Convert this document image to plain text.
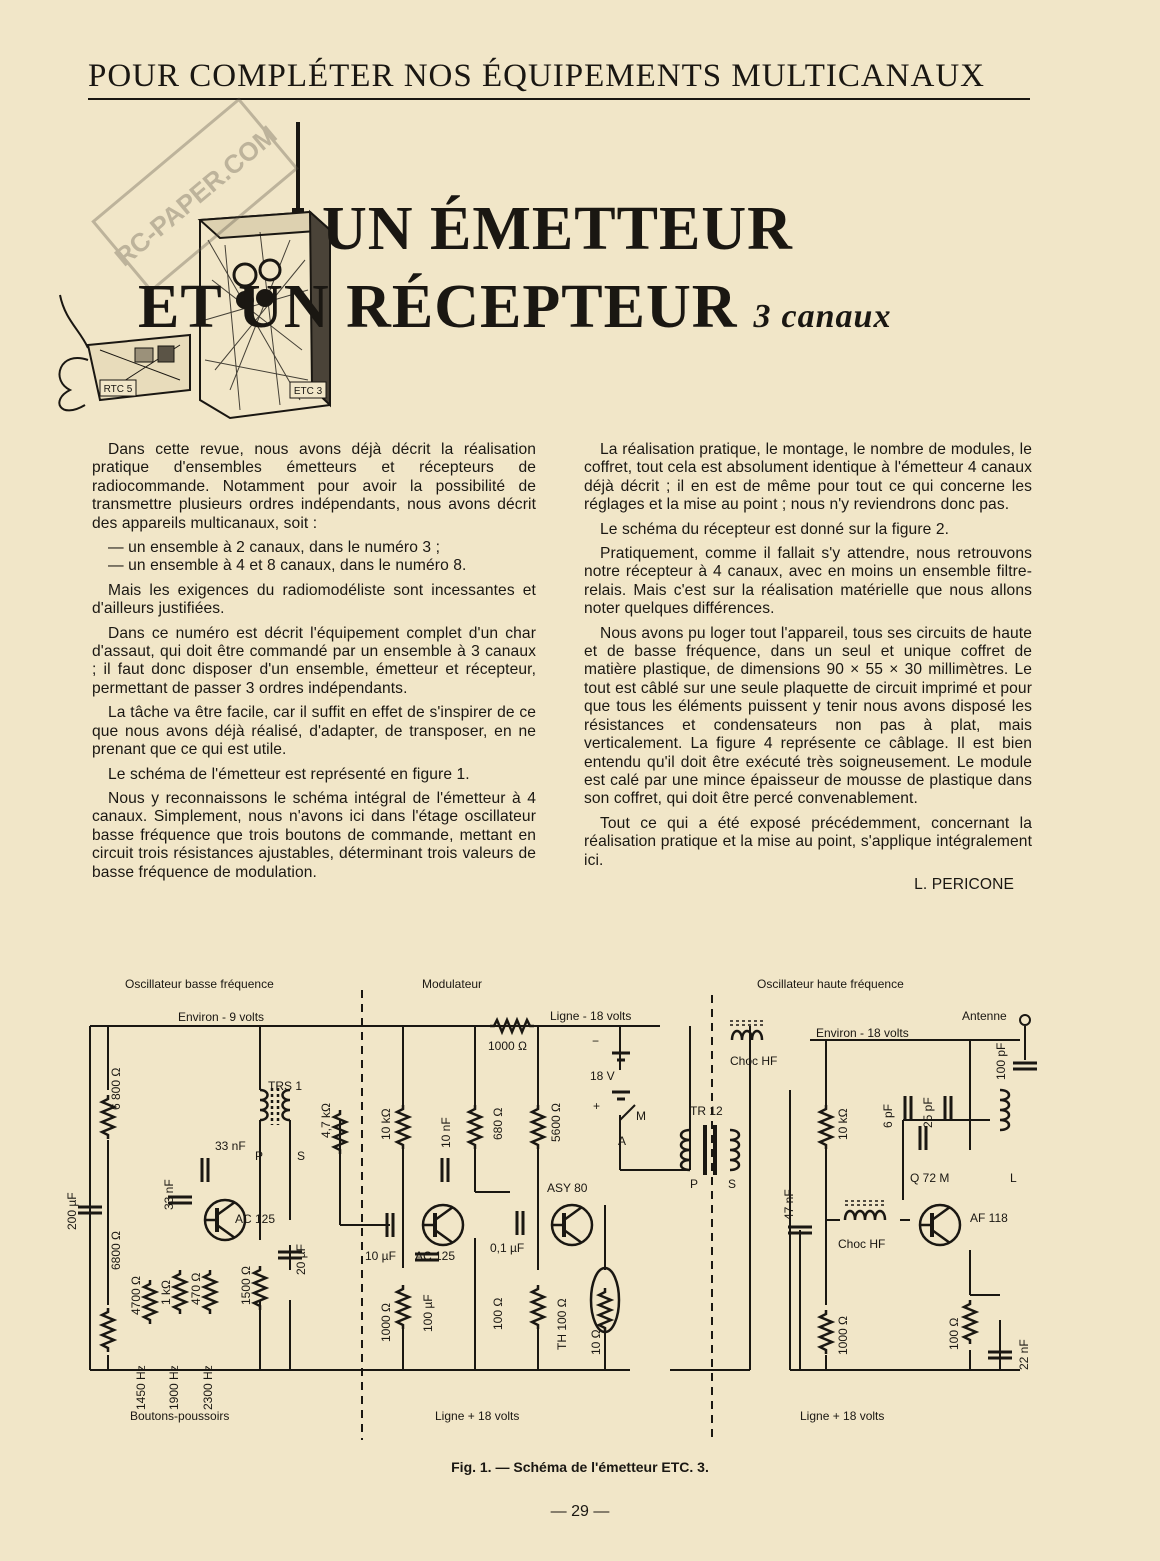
POUR COMPLÉTER NOS ÉQUIPEMENTS MULTICANAUX
ETC 3
RTC 5
RC-PAPER.COM UN ÉMETTEUR
ET UN RÉCEPTEUR 3 canaux

Dans cette revue, nous avons déjà décrit la réalisation pratique d'ensembles émetteurs et récepteurs de radiocommande. Notamment pour avoir la possibilité de transmettre plusieurs ordres indépendants, nous avons décrit des appareils multicanaux, soit :

— un ensemble à 2 canaux, dans le numéro 3 ;

— un ensemble à 4 et 8 canaux, dans le numéro 8.

Mais les exigences du radiomodéliste sont incessantes et d'ailleurs justifiées.

Dans ce numéro est décrit l'équipement complet d'un char d'assaut, qui doit être commandé par un ensemble à 3 canaux ; il faut donc disposer d'un ensemble, émetteur et récepteur, permettant de passer 3 ordres indépendants.

La tâche va être facile, car il suffit en effet de s'inspirer de ce que nous avons déjà réalisé, d'adapter, de transposer, en ne prenant que ce qui est utile.

Le schéma de l'émetteur est représenté en figure 1.

Nous y reconnaissons le schéma intégral de l'émetteur à 4 canaux. Simplement, nous n'avons ici dans l'étage oscillateur basse fréquence que trois boutons de commande, mettant en circuit trois résistances ajustables, déterminant trois valeurs de basse fréquence de modulation.

La réalisation pratique, le montage, le nombre de modules, le coffret, tout cela est absolument identique à l'émetteur 4 canaux déjà décrit ; il en est de même pour tout ce qui concerne les réglages et la mise au point ; nous n'y reviendrons donc pas.

Le schéma du récepteur est donné sur la figure 2.

Pratiquement, comme il fallait s'y attendre, nous retrouvons notre récepteur à 4 canaux, avec en moins un ensemble filtre-relais. Mais c'est sur la réalisation matérielle que nous allons noter quelques différences.

Nous avons pu loger tout l'appareil, tous ses circuits de haute et de basse fréquence, dans un seul et unique coffret de matière plastique, de dimensions 90 × 55 × 30 millimètres. Le tout est câblé sur une seule plaquette de circuit imprimé et pour que tous les éléments puissent y tenir nous avons disposé les résistances et condensateurs non pas à plat, mais verticalement. La figure 4 représente ce câblage. Il est bien entendu qu'il doit être exécuté très soigneusement. Le module est calé par une mince épaisseur de mousse de plastique dans son coffret, qui doit être percé convenablement.

Tout ce qui a été exposé précédemment, concernant la réalisation pratique et la mise au point, s'applique intégralement ici.

L. PERICONE
Oscillateur basse fréquence	Modulateur	Oscillateur haute fréquence
Environ - 9 volts	Ligne - 18 volts
Environ - 18 volts
Antenne
Boutons-poussoirs	Ligne + 18 volts	Ligne + 18 volts
33 nF
AC 125
TRS 1
P	S
10 µF AC 125
0,1 µF
ASY 80
1000 Ω	−
18 V
+
M
A
TR 12
P S
Choc HF
Choc HF
Q 72 M	L
AF 118
6800 Ω
6 800 Ω
200 µF	33 nF
4700 Ω 1 kΩ 470 Ω	1500 Ω
20 µF
1450 Hz 1900 Hz 2300 Hz
4,7 kΩ	10 kΩ	10 nF	680 Ω	5600 Ω
1000 Ω 100 µF	100 Ω	TH 100 Ω 10 Ω
47 nF
10 kΩ
1000 Ω
6 pF 25 pF
100 pF
100 Ω
22 nF
Fig. 1. — Schéma de l'émetteur ETC. 3.
— 29 —
